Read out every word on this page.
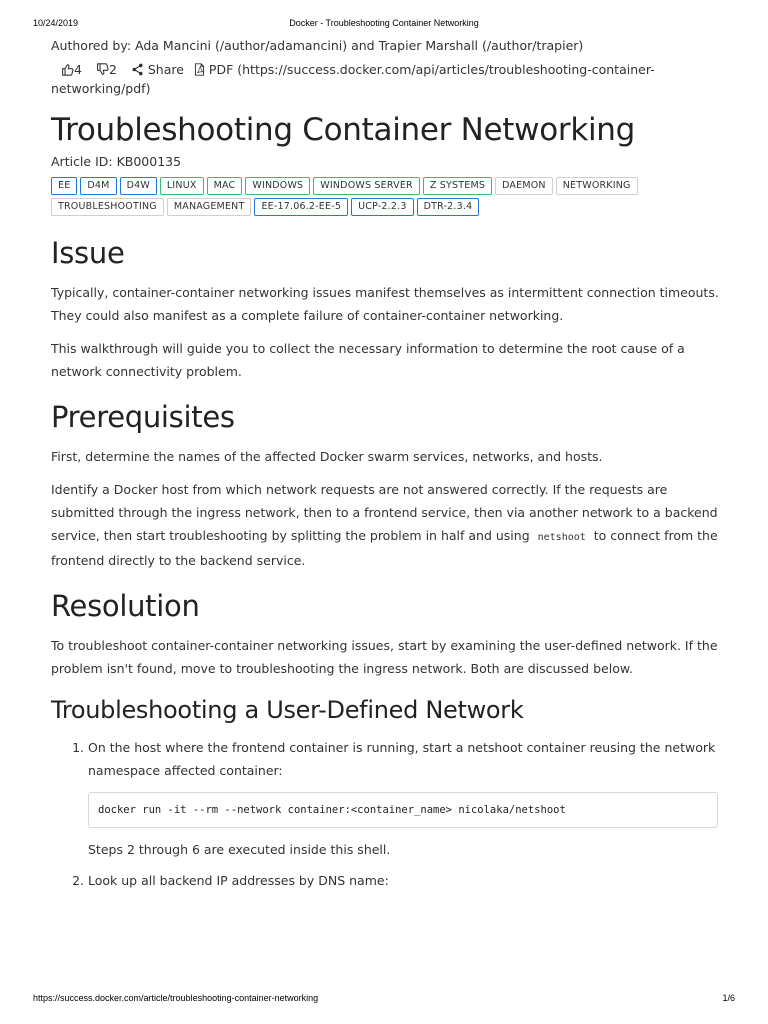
10/24/2019	Docker - Troubleshooting Container Networking
Authored by: Ada Mancini (/author/adamancini) and Trapier Marshall (/author/trapier)
4 2 Share PDF (https://success.docker.com/api/articles/troubleshooting-container-
networking/pdf)
Troubleshooting Container Networking
Article ID: KB000135
EE D4M D4W LINUX MAC WINDOWS WINDOWS SERVER Z SYSTEMS DAEMON NETWORKING
TROUBLESHOOTING MANAGEMENT EE-17.06.2-EE-5 UCP-2.2.3 DTR-2.3.4
Issue

Typically, container-container networking issues manifest themselves as intermittent connection timeouts. They could also manifest as a complete failure of container-container networking.

This walkthrough will guide you to collect the necessary information to determine the root cause of a network connectivity problem.

Prerequisites

First, determine the names of the affected Docker swarm services, networks, and hosts.

Identify a Docker host from which network requests are not answered correctly. If the requests are submitted through the ingress network, then to a frontend service, then via another network to a backend service, then start troubleshooting by splitting the problem in half and using netshoot to connect from the frontend directly to the backend service.

Resolution

To troubleshoot container-container networking issues, start by examining the user-defined network. If the problem isn't found, move to troubleshooting the ingress network. Both are discussed below.

Troubleshooting a User-Defined Network
1. On the host where the frontend container is running, start a netshoot container reusing the network namespace affected container:
docker run -it --rm --network container:<container_name> nicolaka/netshoot
Steps 2 through 6 are executed inside this shell.
2. Look up all backend IP addresses by DNS name:
https://success.docker.com/article/troubleshooting-container-networking	1/6
